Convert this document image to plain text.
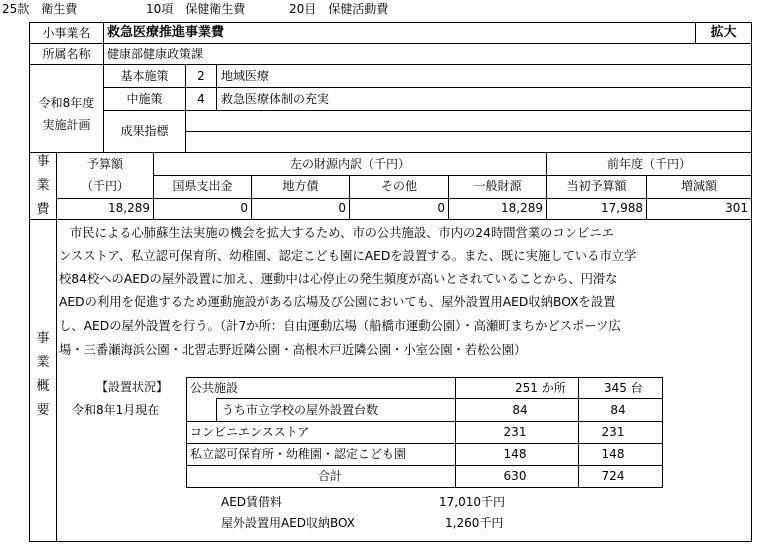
25款　衛生費	10項　保健衛生費	20目　保健活動費
小事業名	救急医療推進事業費	拡大
所属名称	健康部健康政策課
令和8年度
実施計画
基本施策	2	地域医療
中施策	4	救急医療体制の充実
成果指標
事
業
費
予算額
（千円）
左の財源内訳（千円）	前年度（千円）
国県支出金	地方債	その他	一般財源	当初予算額	増減額
18,289	0	0	0	18,289	17,988	301
事
業
概
要
市民による心肺蘇生法実施の機会を拡大するため、市の公共施設、市内の24時間営業のコンビニエ
ンスストア、私立認可保育所、幼稚園、認定こども園にAEDを設置する。また、既に実施している市立学
校84校へのAEDの屋外設置に加え、運動中は心停止の発生頻度が高いとされていることから、円滑な
AEDの利用を促進するため運動施設がある広場及び公園においても、屋外設置用AED収納BOXを設置
し、AEDの屋外設置を行う。（計7か所：自由運動広場（船橋市運動公園）・高瀬町まちかどスポーツ広
場・三番瀬海浜公園・北習志野近隣公園・高根木戸近隣公園・小室公園・若松公園）
【設置状況】
令和8年1月現在
公共施設	251 か所	345 台
うち市立学校の屋外設置台数	84	84
コンビニエンスストア	231	231
私立認可保育所・幼稚園・認定こども園	148	148
合計	630	724
AED賃借料	17,010千円
屋外設置用AED収納BOX	1,260千円
